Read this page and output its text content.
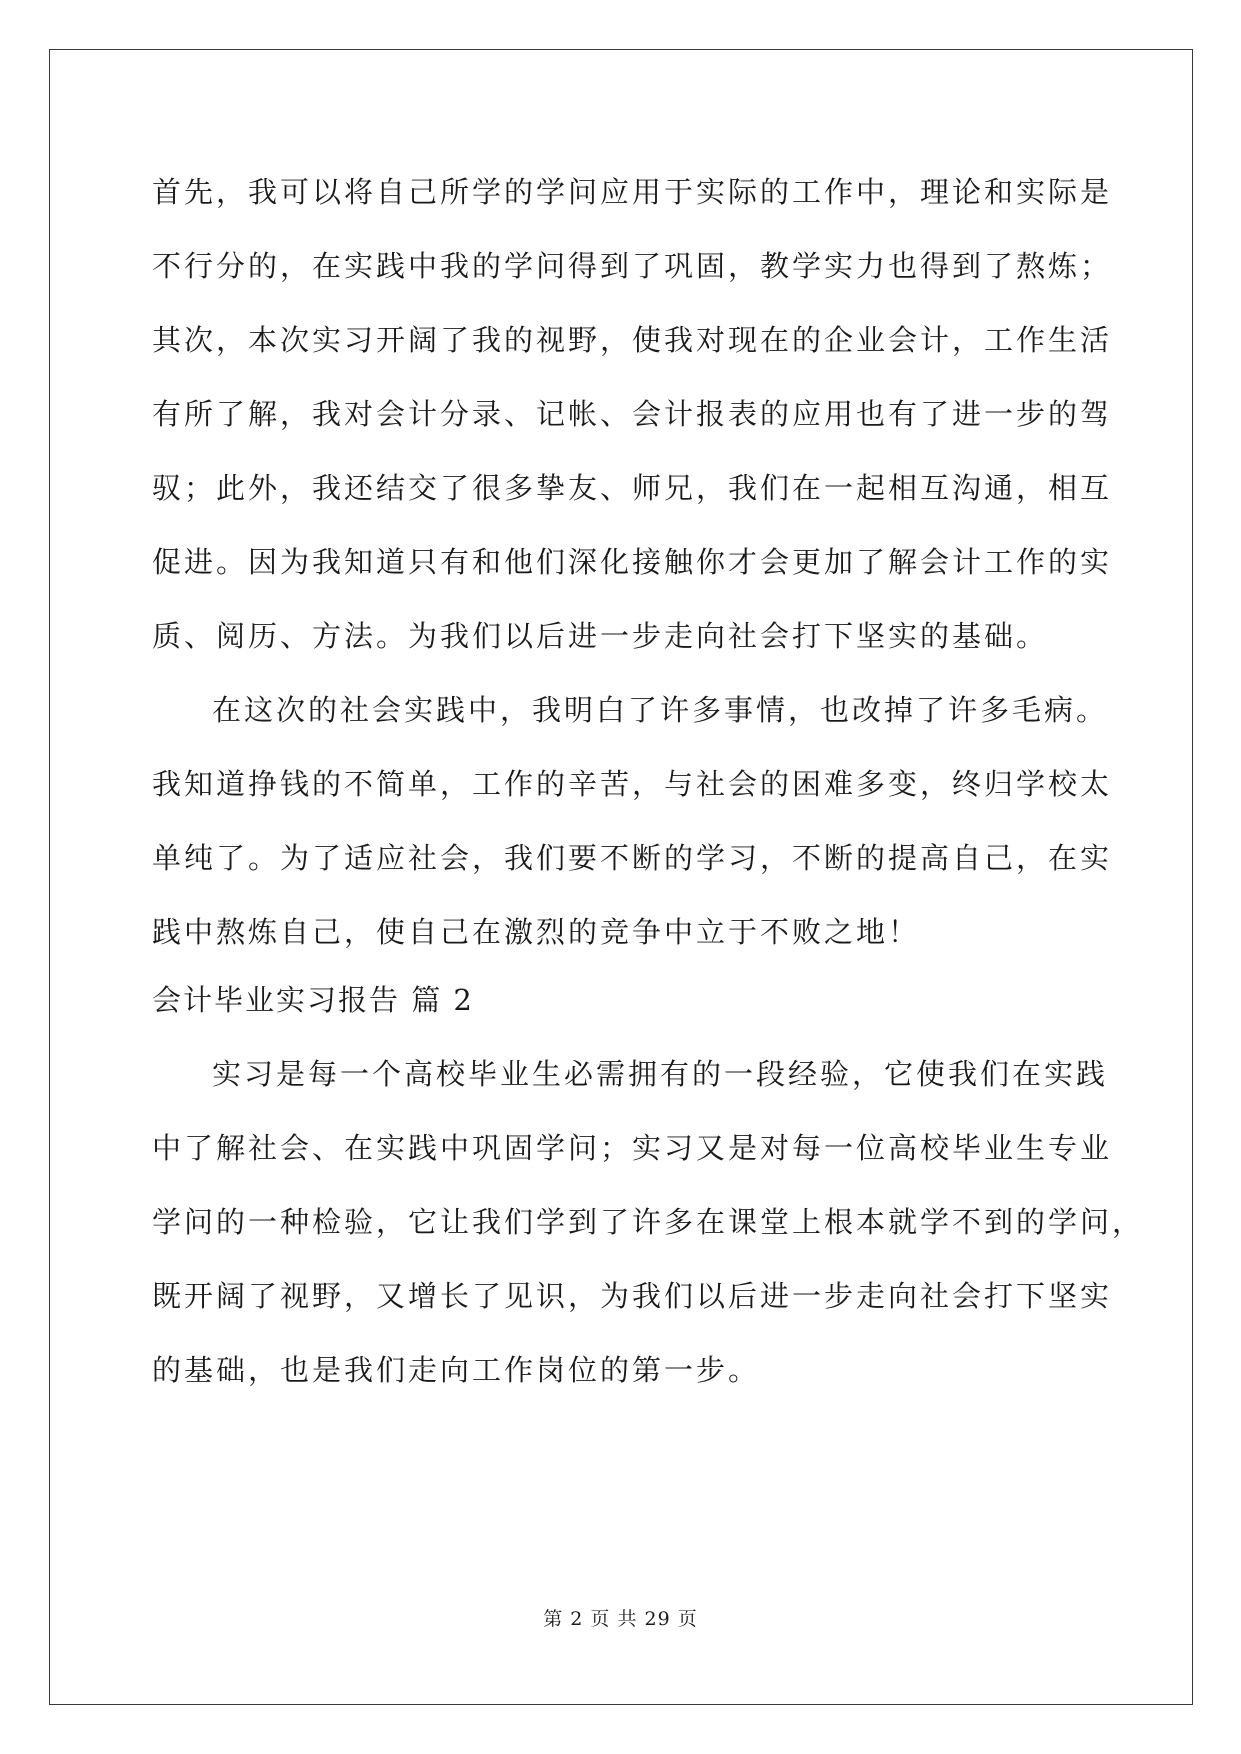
首先，我可以将自己所学的学问应用于实际的工作中，理论和实际是
不行分的，在实践中我的学问得到了巩固，教学实力也得到了熬炼；
其次，本次实习开阔了我的视野，使我对现在的企业会计，工作生活
有所了解，我对会计分录、记帐、会计报表的应用也有了进一步的驾
驭；此外，我还结交了很多挚友、师兄，我们在一起相互沟通，相互
促进。因为我知道只有和他们深化接触你才会更加了解会计工作的实
质、阅历、方法。为我们以后进一步走向社会打下坚实的基础。
在这次的社会实践中，我明白了许多事情，也改掉了许多毛病。
我知道挣钱的不简单，工作的辛苦，与社会的困难多变，终归学校太
单纯了。为了适应社会，我们要不断的学习，不断的提高自己，在实
践中熬炼自己，使自己在激烈的竞争中立于不败之地！
会计毕业实习报告 篇 2
实习是每一个高校毕业生必需拥有的一段经验，它使我们在实践
中了解社会、在实践中巩固学问；实习又是对每一位高校毕业生专业
学问的一种检验，它让我们学到了许多在课堂上根本就学不到的学问，
既开阔了视野，又增长了见识，为我们以后进一步走向社会打下坚实
的基础，也是我们走向工作岗位的第一步。
第 2 页 共 29 页
